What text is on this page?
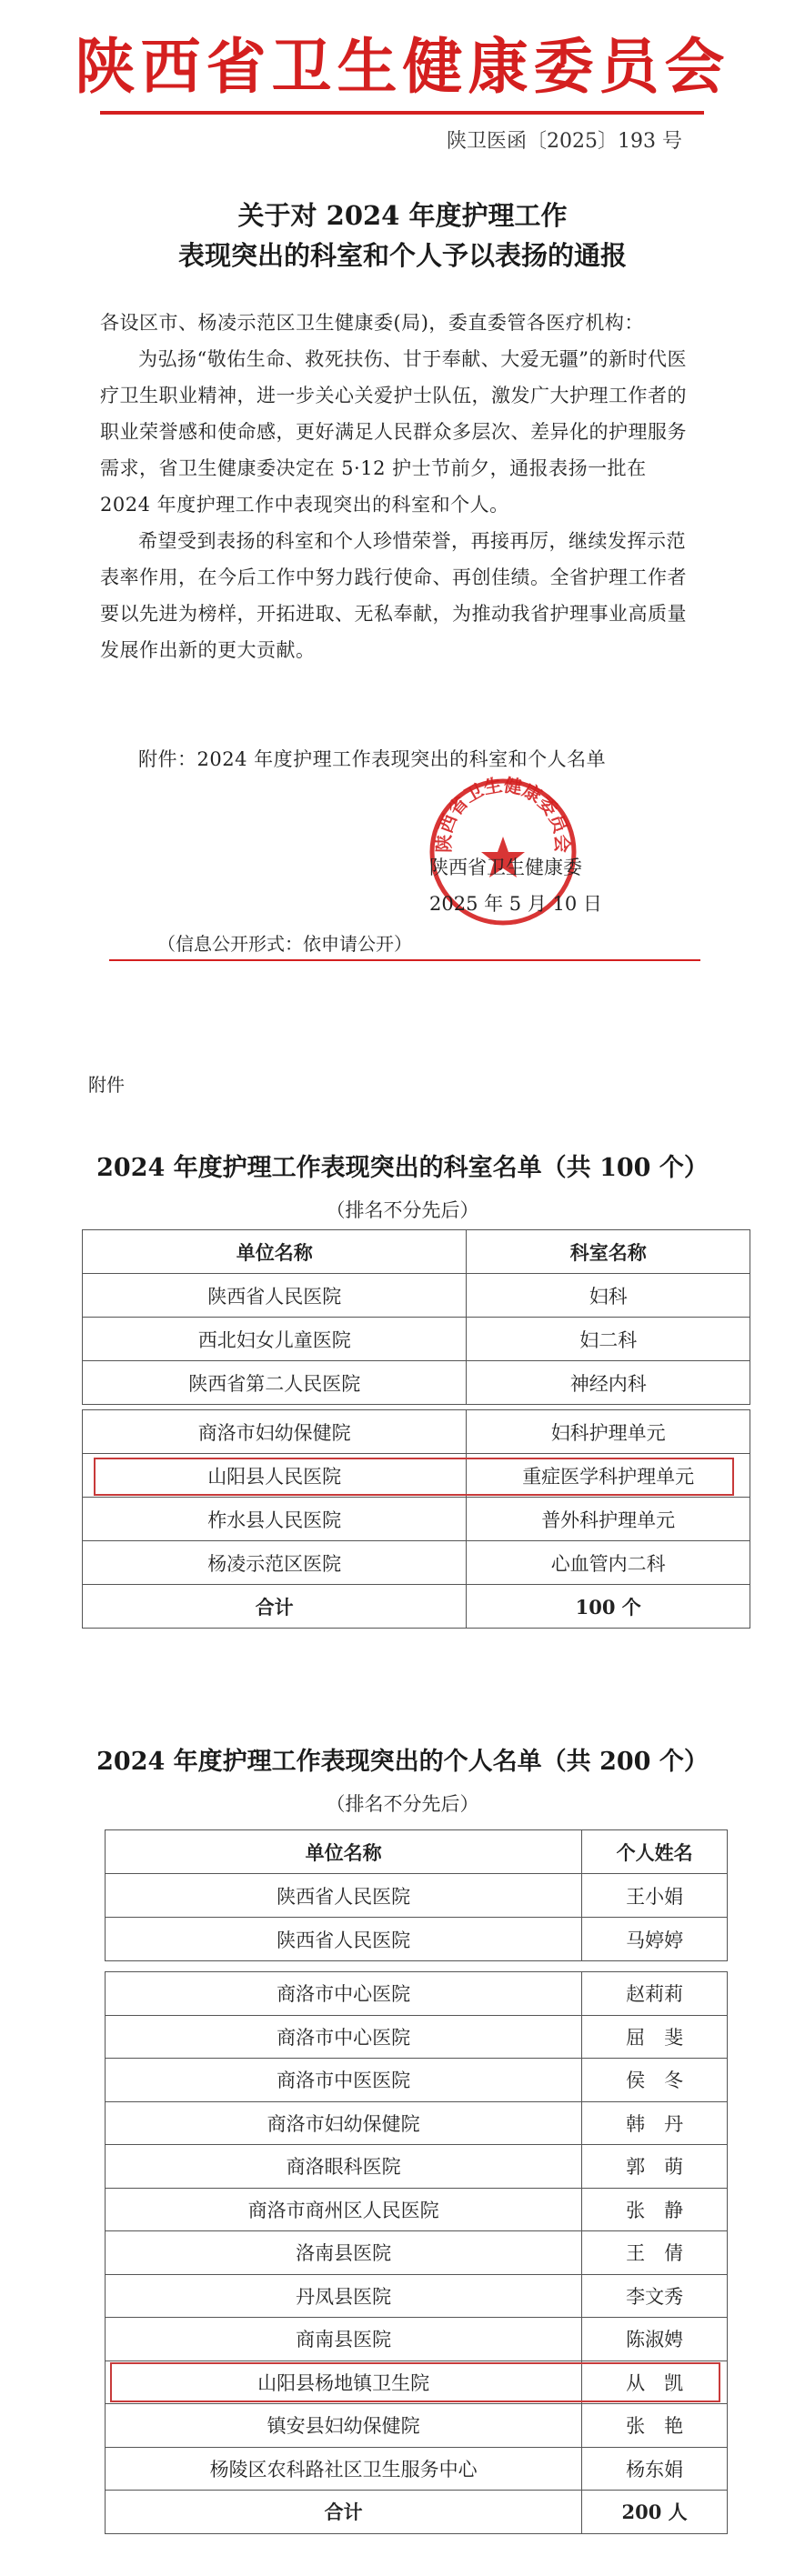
陕西省卫生健康委员会
陕卫医函〔2025〕193 号
关于对 2024 年度护理工作
表现突出的科室和个人予以表扬的通报

各设区市、杨凌示范区卫生健康委(局)，委直委管各医疗机构：

为弘扬“敬佑生命、救死扶伤、甘于奉献、大爱无疆”的新时代医疗卫生职业精神，进一步关心关爱护士队伍，激发广大护理工作者的职业荣誉感和使命感，更好满足人民群众多层次、差异化的护理服务需求，省卫生健康委决定在 5·12 护士节前夕，通报表扬一批在 2024 年度护理工作中表现突出的科室和个人。

希望受到表扬的科室和个人珍惜荣誉，再接再厉，继续发挥示范表率作用，在今后工作中努力践行使命、再创佳绩。全省护理工作者要以先进为榜样，开拓进取、无私奉献，为推动我省护理事业高质量发展作出新的更大贡献。

附件：2024 年度护理工作表现突出的科室和个人名单

陕西省卫生健康委员会
陕西省卫生健康委
2025 年 5 月 10 日
（信息公开形式：依申请公开）
附件
2024 年度护理工作表现突出的科室名单（共 100 个）
（排名不分先后）
单位名称	科室名称
陕西省人民医院	妇科
西北妇女儿童医院	妇二科
陕西省第二人民医院	神经内科
商洛市妇幼保健院	妇科护理单元
山阳县人民医院	重症医学科护理单元
柞水县人民医院	普外科护理单元
杨凌示范区医院	心血管内二科
合计	100 个
2024 年度护理工作表现突出的个人名单（共 200 个）
（排名不分先后）
单位名称	个人姓名
陕西省人民医院	王小娟
陕西省人民医院	马婷婷
商洛市中心医院	赵莉莉
商洛市中心医院	屈　斐
商洛市中医医院	侯　冬
商洛市妇幼保健院	韩　丹
商洛眼科医院	郭　萌
商洛市商州区人民医院	张　静
洛南县医院	王　倩
丹凤县医院	李文秀
商南县医院	陈淑娉
山阳县杨地镇卫生院	从　凯
镇安县妇幼保健院	张　艳
杨陵区农科路社区卫生服务中心	杨东娟
合计	200 人
